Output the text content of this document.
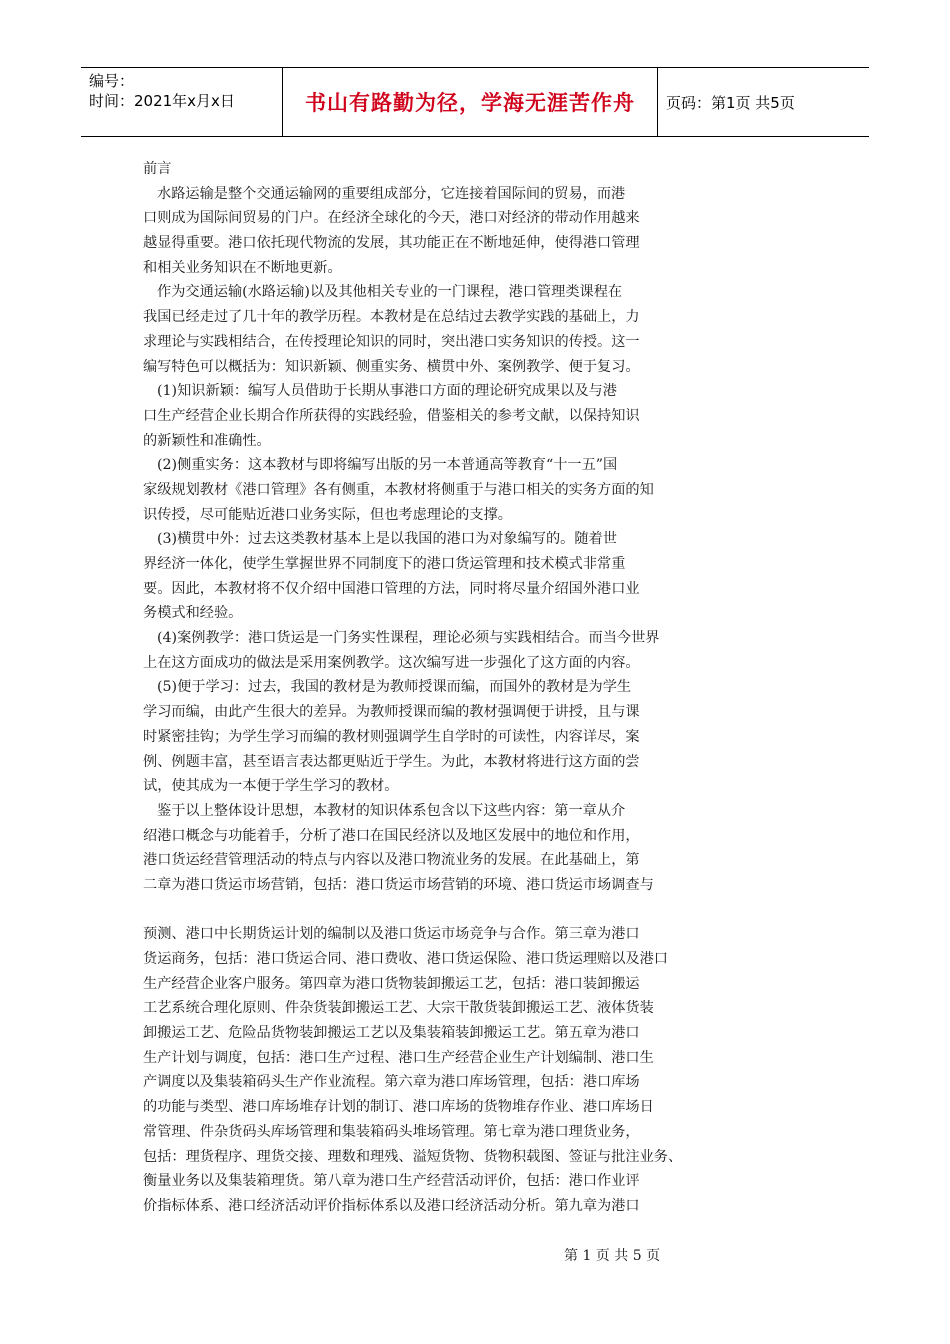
编号：
时间：2021年x月x日	书山有路勤为径，学海无涯苦作舟	页码：第1页 共5页
前言
水路运输是整个交通运输网的重要组成部分，它连接着国际间的贸易，而港
口则成为国际间贸易的门户。在经济全球化的今天，港口对经济的带动作用越来
越显得重要。港口依托现代物流的发展，其功能正在不断地延伸，使得港口管理
和相关业务知识在不断地更新。
作为交通运输(水路运输)以及其他相关专业的一门课程，港口管理类课程在
我国已经走过了几十年的教学历程。本教材是在总结过去教学实践的基础上，力
求理论与实践相结合，在传授理论知识的同时，突出港口实务知识的传授。这一
编写特色可以概括为：知识新颖、侧重实务、横贯中外、案例教学、便于复习。
(1)知识新颖：编写人员借助于长期从事港口方面的理论研究成果以及与港
口生产经营企业长期合作所获得的实践经验，借鉴相关的参考文献，以保持知识
的新颖性和准确性。
(2)侧重实务：这本教材与即将编写出版的另一本普通高等教育“十一五”国
家级规划教材《港口管理》各有侧重，本教材将侧重于与港口相关的实务方面的知
识传授，尽可能贴近港口业务实际，但也考虑理论的支撑。
(3)横贯中外：过去这类教材基本上是以我国的港口为对象编写的。随着世
界经济一体化，使学生掌握世界不同制度下的港口货运管理和技术模式非常重
要。因此，本教材将不仅介绍中国港口管理的方法，同时将尽量介绍国外港口业
务模式和经验。
(4)案例教学：港口货运是一门务实性课程，理论必须与实践相结合。而当今世界
上在这方面成功的做法是采用案例教学。这次编写进一步强化了这方面的内容。
(5)便于学习：过去，我国的教材是为教师授课而编，而国外的教材是为学生
学习而编，由此产生很大的差异。为教师授课而编的教材强调便于讲授，且与课
时紧密挂钩；为学生学习而编的教材则强调学生自学时的可读性，内容详尽，案
例、例题丰富，甚至语言表达都更贴近于学生。为此，本教材将进行这方面的尝
试，使其成为一本便于学生学习的教材。
鉴于以上整体设计思想，本教材的知识体系包含以下这些内容：第一章从介
绍港口概念与功能着手，分析了港口在国民经济以及地区发展中的地位和作用，
港口货运经营管理活动的特点与内容以及港口物流业务的发展。在此基础上，第
二章为港口货运市场营销，包括：港口货运市场营销的环境、港口货运市场调查与
预测、港口中长期货运计划的编制以及港口货运市场竞争与合作。第三章为港口
货运商务，包括：港口货运合同、港口费收、港口货运保险、港口货运理赔以及港口
生产经营企业客户服务。第四章为港口货物装卸搬运工艺，包括：港口装卸搬运
工艺系统合理化原则、件杂货装卸搬运工艺、大宗干散货装卸搬运工艺、液体货装
卸搬运工艺、危险品货物装卸搬运工艺以及集装箱装卸搬运工艺。第五章为港口
生产计划与调度，包括：港口生产过程、港口生产经营企业生产计划编制、港口生
产调度以及集装箱码头生产作业流程。第六章为港口库场管理，包括：港口库场
的功能与类型、港口库场堆存计划的制订、港口库场的货物堆存作业、港口库场日
常管理、件杂货码头库场管理和集装箱码头堆场管理。第七章为港口理货业务，
包括：理货程序、理货交接、理数和理残、溢短货物、货物积载图、签证与批注业务、
衡量业务以及集装箱理货。第八章为港口生产经营活动评价，包括：港口作业评
价指标体系、港口经济活动评价指标体系以及港口经济活动分析。第九章为港口
第 1 页 共 5 页
